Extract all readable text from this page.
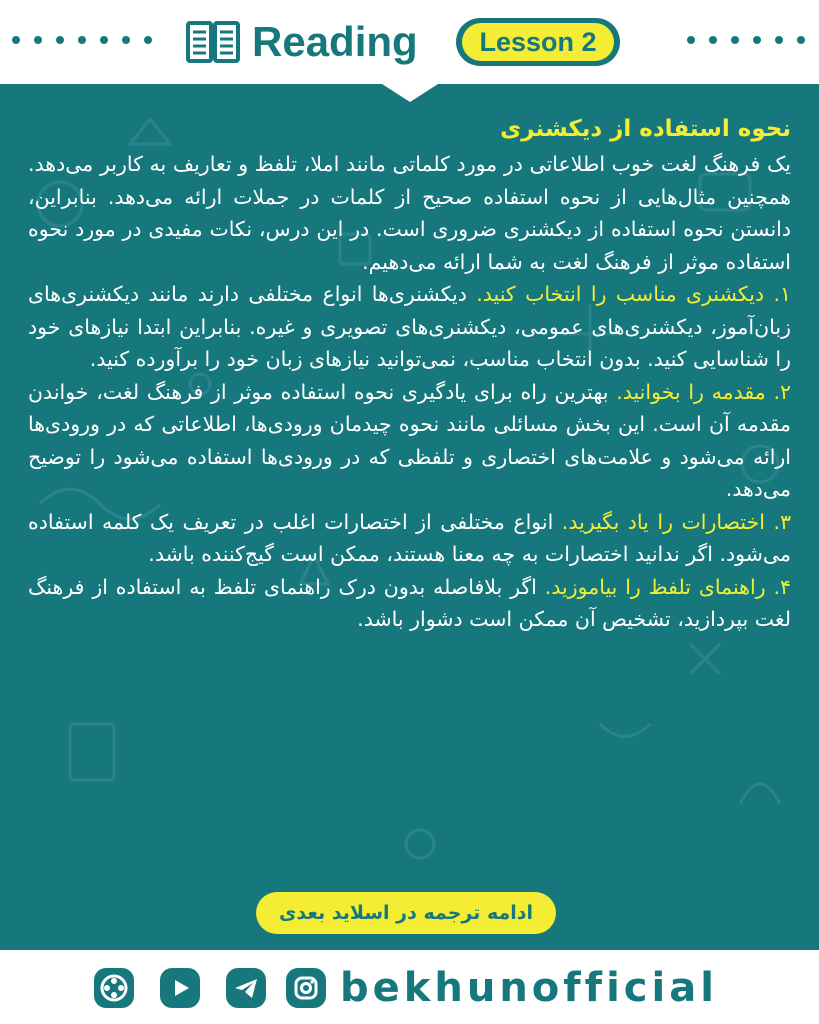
Reading	Lesson 2
نحوه استفاده از دیکشنری

یک فرهنگ لغت خوب اطلاعاتی در مورد کلماتی مانند املا، تلفظ و تعاریف به کاربر می‌دهد. همچنین مثال‌هایی از نحوه استفاده صحیح از کلمات در جملات ارائه می‌دهد. بنابراین، دانستن نحوه استفاده از دیکشنری ضروری است. در این درس، نکات مفیدی در مورد نحوه استفاده موثر از فرهنگ لغت به شما ارائه می‌دهیم.

۱. دیکشنری مناسب را انتخاب کنید. دیکشنری‌ها انواع مختلفی دارند مانند دیکشنری‌های زبان‌آموز، دیکشنری‌های عمومی، دیکشنری‌های تصویری و غیره. بنابراین ابتدا نیازهای خود را شناسایی کنید. بدون انتخاب مناسب، نمی‌توانید نیازهای زبان خود را برآورده کنید.

۲. مقدمه را بخوانید. بهترین راه برای یادگیری نحوه استفاده موثر از فرهنگ لغت، خواندن مقدمه آن است. این بخش مسائلی مانند نحوه چیدمان ورودی‌ها، اطلاعاتی که در ورودی‌ها ارائه می‌شود و علامت‌های اختصاری و تلفظی که در ورودی‌ها استفاده می‌شود را توضیح می‌دهد.

۳. اختصارات را یاد بگیرید. انواع مختلفی از اختصارات اغلب در تعریف یک کلمه استفاده می‌شود. اگر ندانید اختصارات به چه معنا هستند، ممکن است گیج‌کننده باشد.

۴. راهنمای تلفظ را بیاموزید. اگر بلافاصله بدون درک راهنمای تلفظ به استفاده از فرهنگ لغت بپردازید، تشخیص آن ممکن است دشوار باشد.

ادامه ترجمه در اسلاید بعدی
bekhunofficial
